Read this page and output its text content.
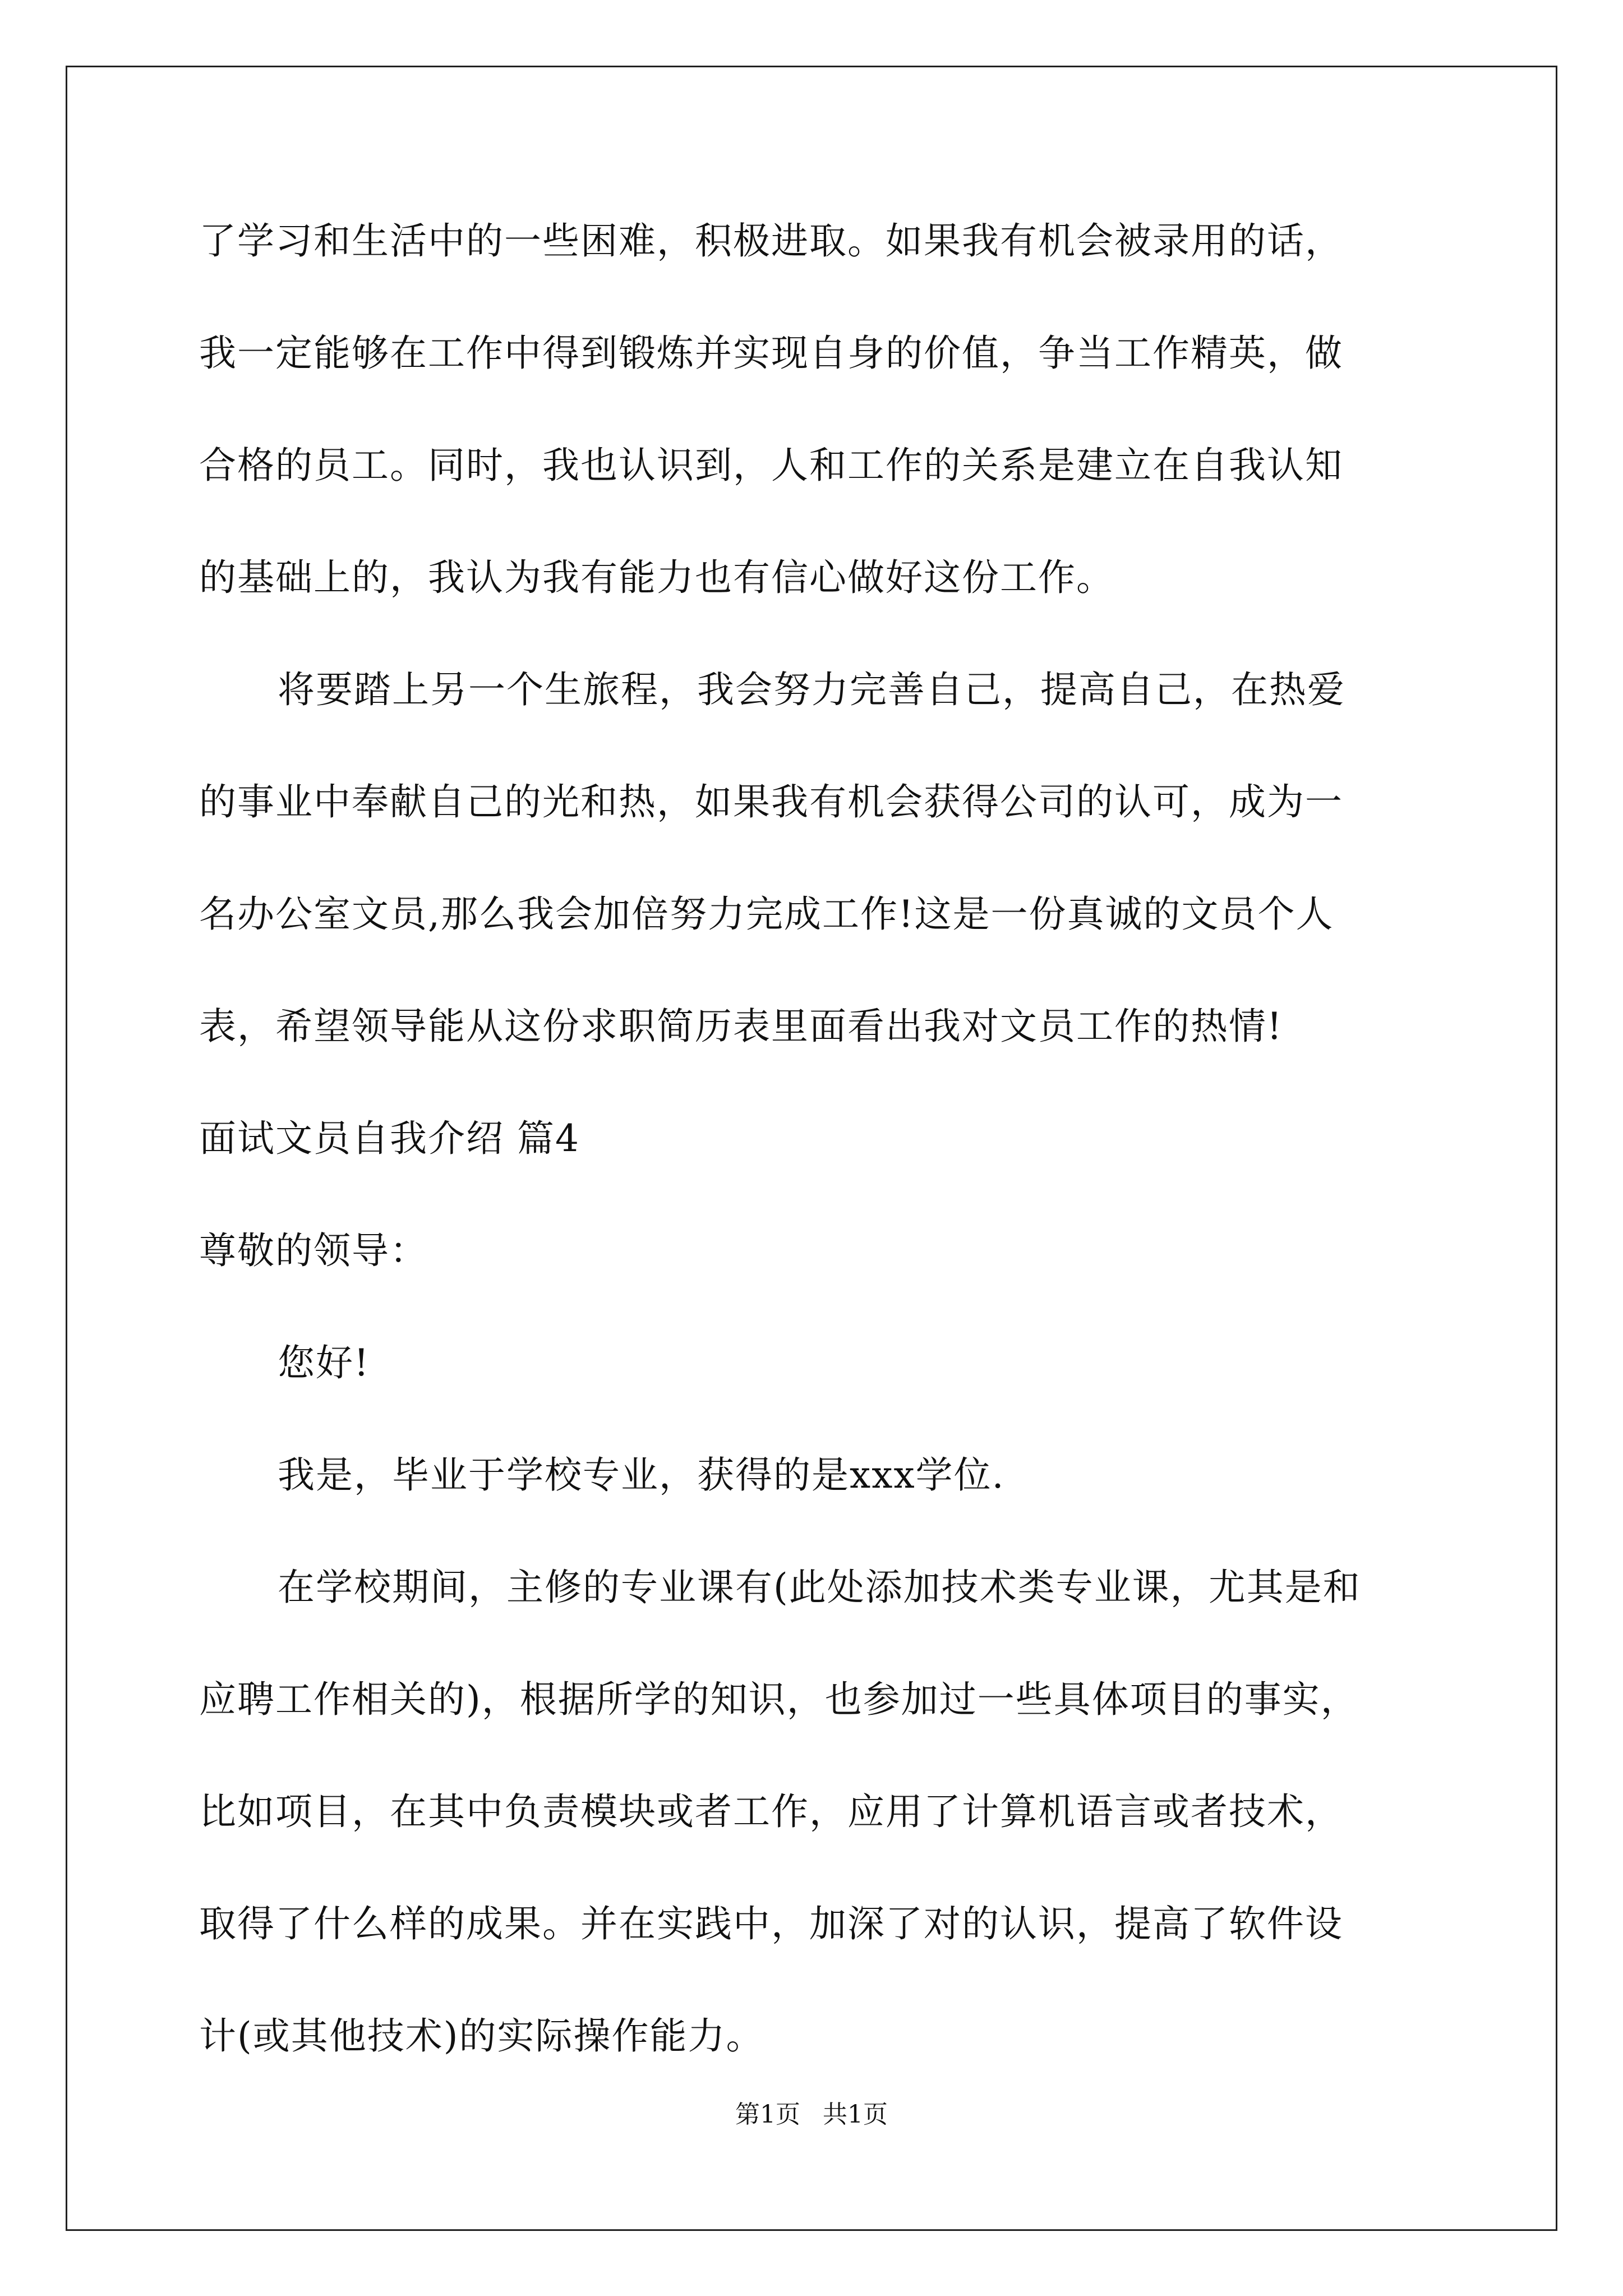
了学习和生活中的一些困难，积极进取。如果我有机会被录用的话，
我一定能够在工作中得到锻炼并实现自身的价值，争当工作精英，做
合格的员工。同时，我也认识到，人和工作的关系是建立在自我认知
的基础上的，我认为我有能力也有信心做好这份工作。
将要踏上另一个生旅程，我会努力完善自己，提高自己，在热爱
的事业中奉献自己的光和热，如果我有机会获得公司的认可，成为一
名办公室文员,那么我会加倍努力完成工作!这是一份真诚的文员个人
表，希望领导能从这份求职简历表里面看出我对文员工作的热情!
面试文员自我介绍 篇4
尊敬的领导：
您好!
我是，毕业于学校专业，获得的是xxx学位.
在学校期间，主修的专业课有(此处添加技术类专业课，尤其是和
应聘工作相关的)，根据所学的知识，也参加过一些具体项目的事实，
比如项目，在其中负责模块或者工作，应用了计算机语言或者技术，
取得了什么样的成果。并在实践中，加深了对的认识，提高了软件设
计(或其他技术)的实际操作能力。
第1页 共1页
